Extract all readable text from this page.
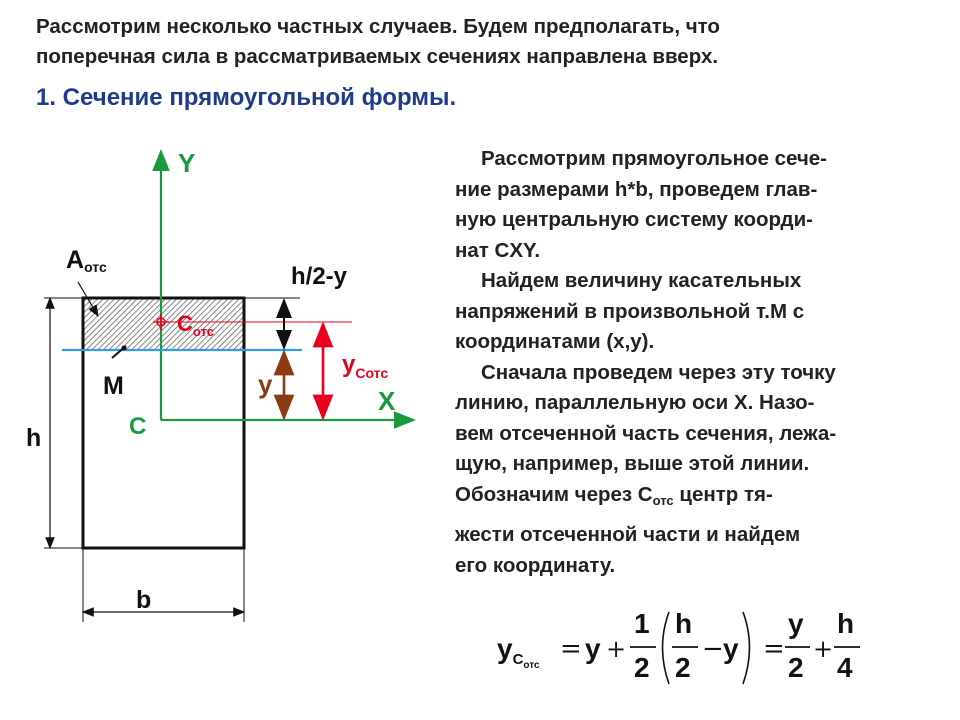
Рассмотрим несколько частных случаев. Будем предполагать, что
поперечная сила в рассматриваемых сечениях направлена вверх.
1. Сечение прямоугольной формы.
Рассмотрим прямоугольное сече-
ние размерами h*b, проведем глав-
ную центральную систему коорди-
нат CXY.
Найдем величину касательных
напряжений в произвольной т.М с
координатами (х,у).
Сначала проведем через эту точку
линию, параллельную оси Х. Назо-
вем отсеченной часть сечения, лежа-
щую, например, выше этой линии.
Обозначим через $C_{отс}$ центр тя-
жести отсеченной части и найдем
его координату.
Y
X
C
Aотс
$C_{отс}$
M
h
b
h/2-y
y
$y_{Cотс}$
$y_Cотс$
= y +
1
2
h
2
− y =
y
2
+
h
4
